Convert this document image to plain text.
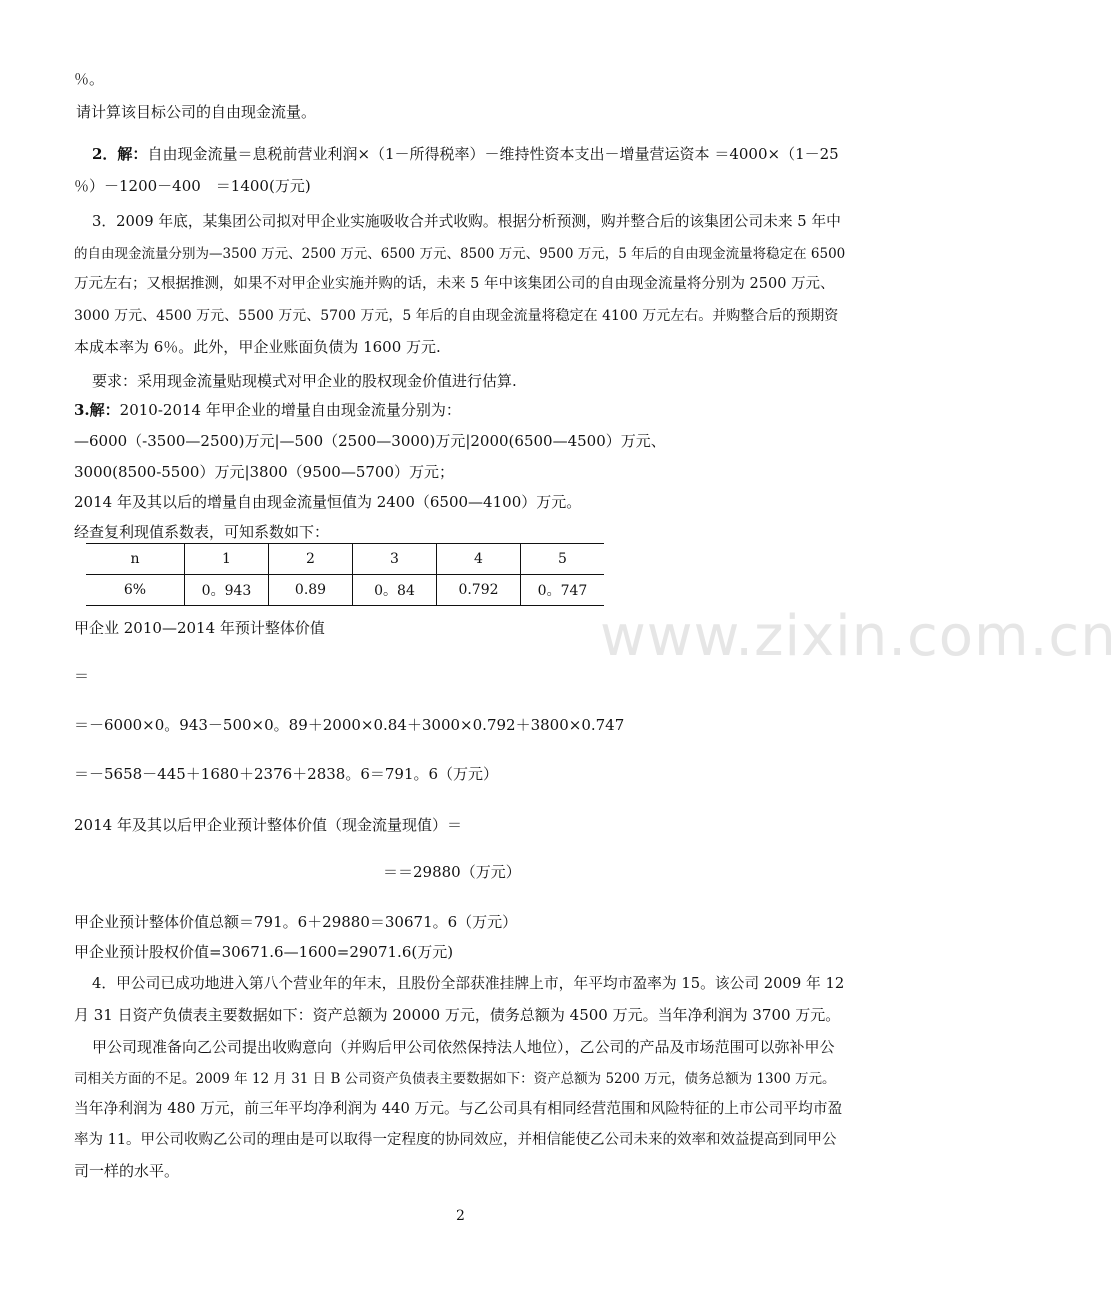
www.zixin.com.cn
％。
请计算该目标公司的自由现金流量。
2．解：自由现金流量＝息税前营业利润×（1－所得税率）－维持性资本支出－增量营运资本 ＝4000×（1－25
％）－1200－400　＝1400(万元)
3．2009 年底，某集团公司拟对甲企业实施吸收合并式收购。根据分析预测，购并整合后的该集团公司未来 5 年中
的自由现金流量分别为—3500 万元、2500 万元、6500 万元、8500 万元、9500 万元，5 年后的自由现金流量将稳定在 6500
万元左右；又根据推测，如果不对甲企业实施并购的话，未来 5 年中该集团公司的自由现金流量将分别为 2500 万元、
3000 万元、4500 万元、5500 万元、5700 万元，5 年后的自由现金流量将稳定在 4100 万元左右。并购整合后的预期资
本成本率为 6％。此外，甲企业账面负债为 1600 万元.
要求：采用现金流量贴现模式对甲企业的股权现金价值进行估算.
3.解：2010-2014 年甲企业的增量自由现金流量分别为：
—6000（-3500—2500)万元|—500（2500—3000)万元|2000(6500—4500）万元、
3000(8500-5500）万元|3800（9500—5700）万元；
2014 年及其以后的增量自由现金流量恒值为 2400（6500—4100）万元。
经查复利现值系数表，可知系数如下：
n	1	2	3	4	5
6%	0。943	0.89	0。84	0.792	0。747
甲企业 2010—2014 年预计整体价值
＝
＝－6000×0。943－500×0。89＋2000×0.84＋3000×0.792＋3800×0.747
＝－5658－445＋1680＋2376＋2838。6＝791。6（万元）
2014 年及其以后甲企业预计整体价值（现金流量现值）＝
＝＝29880（万元）
甲企业预计整体价值总额＝791。6＋29880＝30671。6（万元）
甲企业预计股权价值=30671.6—1600=29071.6(万元)
4．甲公司已成功地进入第八个营业年的年末，且股份全部获准挂牌上市，年平均市盈率为 15。该公司 2009 年 12
月 31 日资产负债表主要数据如下：资产总额为 20000 万元，债务总额为 4500 万元。当年净利润为 3700 万元。
甲公司现准备向乙公司提出收购意向（并购后甲公司依然保持法人地位），乙公司的产品及市场范围可以弥补甲公
司相关方面的不足。2009 年 12 月 31 日 B 公司资产负债表主要数据如下：资产总额为 5200 万元，债务总额为 1300 万元。
当年净利润为 480 万元，前三年平均净利润为 440 万元。与乙公司具有相同经营范围和风险特征的上市公司平均市盈
率为 11。甲公司收购乙公司的理由是可以取得一定程度的协同效应，并相信能使乙公司未来的效率和效益提高到同甲公
司一样的水平。
2
